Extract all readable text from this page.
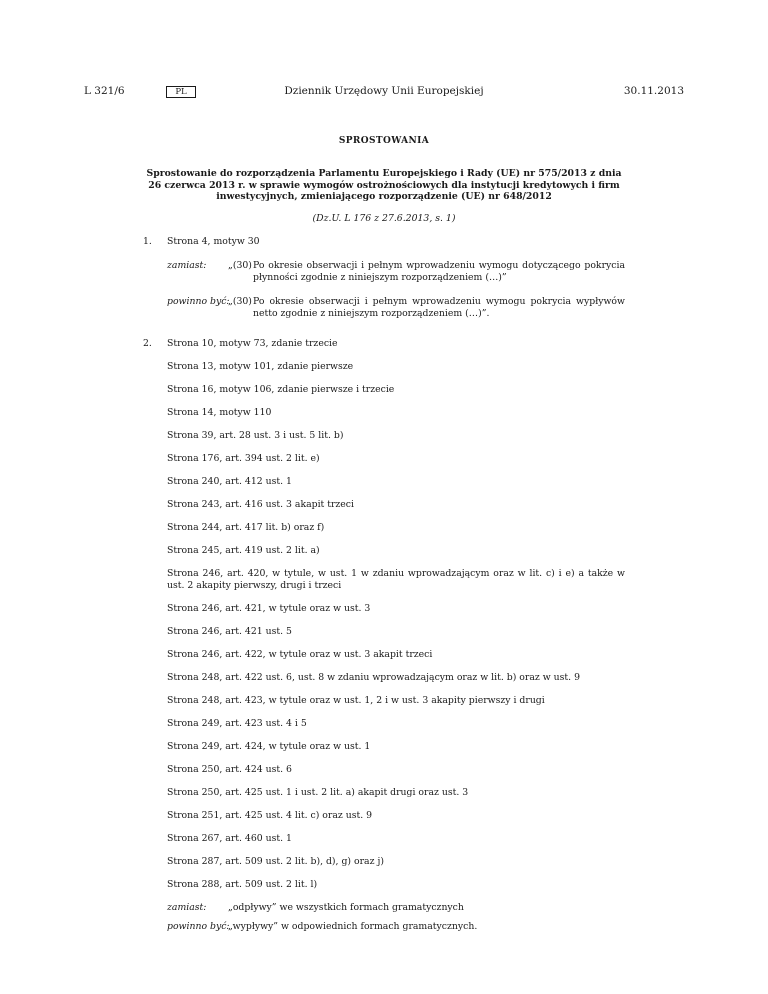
L 321/6	PL	Dziennik Urzędowy Unii Europejskiej	30.11.2013
SPROSTOWANIA
Sprostowanie do rozporządzenia Parlamentu Europejskiego i Rady (UE) nr 575/2013 z dnia 26 czerwca 2013 r. w sprawie wymogów ostrożnościowych dla instytucji kredytowych i firm inwestycyjnych, zmieniającego rozporządzenie (UE) nr 648/2012
(Dz.U. L 176 z 27.6.2013, s. 1)
1. Strona 4, motyw 30
zamiast: „(30) Po okresie obserwacji i pełnym wprowadzeniu wymogu dotyczącego pokrycia płynności zgodnie z niniejszym rozporządzeniem (…)”
powinno być:
„(30) Po okresie obserwacji i pełnym wprowadzeniu wymogu pokrycia wypływów netto zgodnie z niniejszym rozporządzeniem (…)”.
2. Strona 10, motyw 73, zdanie trzecie
Strona 13, motyw 101, zdanie pierwsze
Strona 16, motyw 106, zdanie pierwsze i trzecie
Strona 14, motyw 110
Strona 39, art. 28 ust. 3 i ust. 5 lit. b)
Strona 176, art. 394 ust. 2 lit. e)
Strona 240, art. 412 ust. 1
Strona 243, art. 416 ust. 3 akapit trzeci
Strona 244, art. 417 lit. b) oraz f)
Strona 245, art. 419 ust. 2 lit. a)
Strona 246, art. 420, w tytule, w ust. 1 w zdaniu wprowadzającym oraz w lit. c) i e) a także w ust. 2 akapity pierwszy, drugi i trzeci
Strona 246, art. 421, w tytule oraz w ust. 3
Strona 246, art. 421 ust. 5
Strona 246, art. 422, w tytule oraz w ust. 3 akapit trzeci
Strona 248, art. 422 ust. 6, ust. 8 w zdaniu wprowadzającym oraz w lit. b) oraz w ust. 9
Strona 248, art. 423, w tytule oraz w ust. 1, 2 i w ust. 3 akapity pierwszy i drugi
Strona 249, art. 423 ust. 4 i 5
Strona 249, art. 424, w tytule oraz w ust. 1
Strona 250, art. 424 ust. 6
Strona 250, art. 425 ust. 1 i ust. 2 lit. a) akapit drugi oraz ust. 3
Strona 251, art. 425 ust. 4 lit. c) oraz ust. 9
Strona 267, art. 460 ust. 1
Strona 287, art. 509 ust. 2 lit. b), d), g) oraz j)
Strona 288, art. 509 ust. 2 lit. l)
zamiast: „odpływy” we wszystkich formach gramatycznych
powinno być:
„wypływy” w odpowiednich formach gramatycznych.
